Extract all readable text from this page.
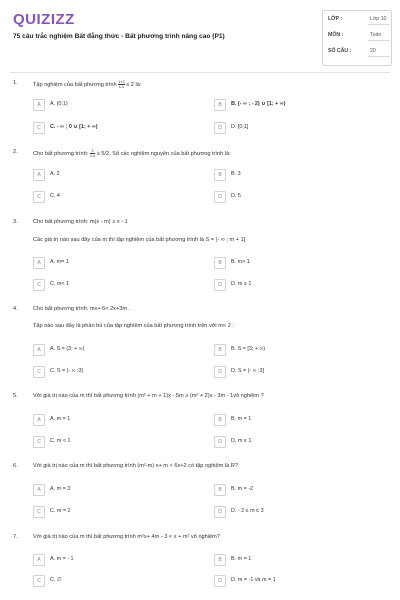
QUIZIZZ
75 câu trắc nghiệm Bất đẳng thức - Bất phương trình nâng cao (P1)
LỚP :	Lớp 10
MÔN :	Toán
SỐ CÂU :	20
1.	Tập nghiệm của bất phương trình $\frac{1+2}{x-1} \le 2$ là:
A	A. (0;1)	B	B. (- ∞ ; - 2) ∪ [1; + ∞)
C	C. - ∞ ; 0 ∪ [1; + ∞)	D	D. [0;1]
2.	Cho bất phương trình: $\frac{2}{1-x} \ge 5/2$. Số các nghiệm nguyên của bất phương trình là:
A	A. 2	B	B. 3
C	C. 4	D	D. 5
3.	Cho bất phương trình: m(x - m) ≥ x - 1
Các giá trị nào sau đây của m thì tập nghiệm của bất phương trình là S = (- ∞ ; m + 1]
A	A. m= 1	B	B. m> 1
C	C. m< 1	D	D. m ≥ 1
4.	Cho bất phương trình: mx+ 6< 2x+3m .
Tập nào sau đây là phần bù của tập nghiệm của bất phương trình trên với m< 2 :
A	A. S = (3; + ∞)	B	B. S = [3; + ∞)
C	C. S = (- ∞ ;3)	D	D. S = (- ∞ ;3]
5.	Với giá trị nào của m thì bất phương trình (m² + m + 1)x - 5m ≥ (m² + 2)x - 3m - 1vô nghiệm ?
A	A. m = 1	B	B. m = 1
C	C. m < 1	D	D. m ≤ 1
6.	Với giá trị nào của m thì bất phương trình (m²-m) x+ m < 6x+2 có tập nghiệm là R?
A	A. m = 3	B	B. m = -2
C	C. m = 2	D	D. - 2 ≤ m ≤ 3
7.	Với giá trị nào của m thì bất phương trình m²x+ 4m - 3 < x + m² vô nghiệm?
A	A. m = - 1	B	B. m = 1
C	C. ∅	D	D. m = -1 và m = 1
